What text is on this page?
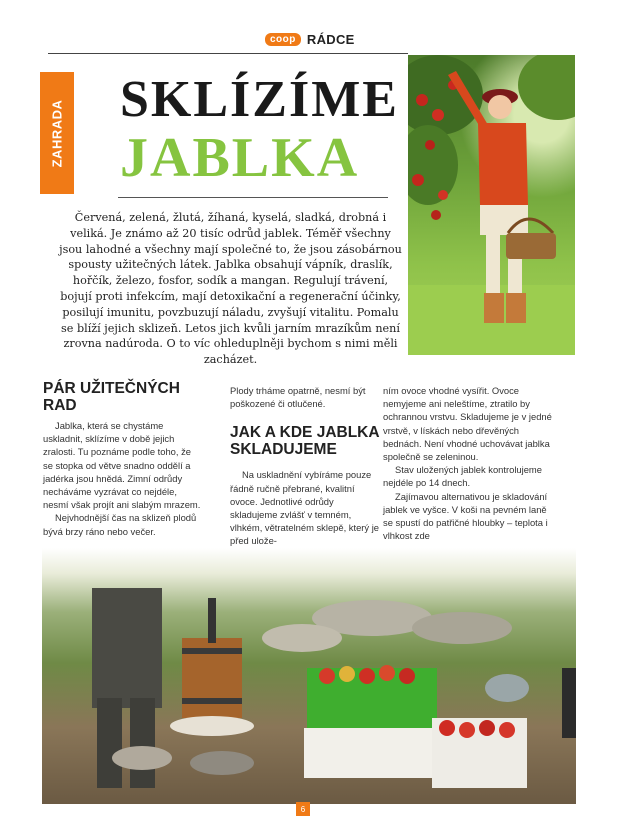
coop RÁDCE
ZAHRADA SKLÍZÍME
JABLKA
Červená, zelená, žlutá, žíhaná, kyselá, sladká, drobná i veliká. Je známo až 20 tisíc odrůd jablek. Téměř všechny jsou lahodné a všechny mají společné to, že jsou zásobárnou spousty užitečných látek. Jablka obsahují vápník, draslík, hořčík, železo, fosfor, sodík a mangan. Regulují trávení, bojují proti infekcím, mají detoxikační a regenerační účinky, posilují imunitu, povzbuzují náladu, zvyšují vitalitu. Pomalu se blíží jejich sklizeň. Letos jich kvůli jarním mrazíkům není zrovna nadúroda. O to víc ohleduplněji bychom s nimi měli zacházet.
PÁR UŽITEČNÝCH RAD

Jablka, která se chystáme uskladnit, sklízíme v době jejich zralosti. Tu poznáme podle toho, že se stopka od větve snadno oddělí a jadérka jsou hnědá. Zimní odrůdy necháváme vyzrávat co nejdéle, nesmí však projít ani slabým mrazem.

Nejvhodnější čas na sklizeň plodů bývá brzy ráno nebo večer.

Plody trháme opatrně, nesmí být poškozené či otlučené.

JAK A KDE JABLKA SKLADUJEME

Na uskladnění vybíráme pouze řádně ručně přebrané, kvalitní ovoce. Jednotlivé odrůdy skladujeme zvlášť v temném, vlhkém, větratelném sklepě, který je před ulože-

ním ovoce vhodné vysířit. Ovoce nemyjeme ani neleštíme, ztratilo by ochrannou vrstvu. Skladujeme je v jedné vrstvě, v lískách nebo dřevěných bednách. Není vhodné uchovávat jablka společně se zeleninou.

Stav uložených jablek kontrolujeme nejdéle po 14 dnech.

Zajímavou alternativou je skladování jablek ve vyšce. V koši na pevném laně se spustí do patřičné hloubky – teplota i vlhkost zde

6
